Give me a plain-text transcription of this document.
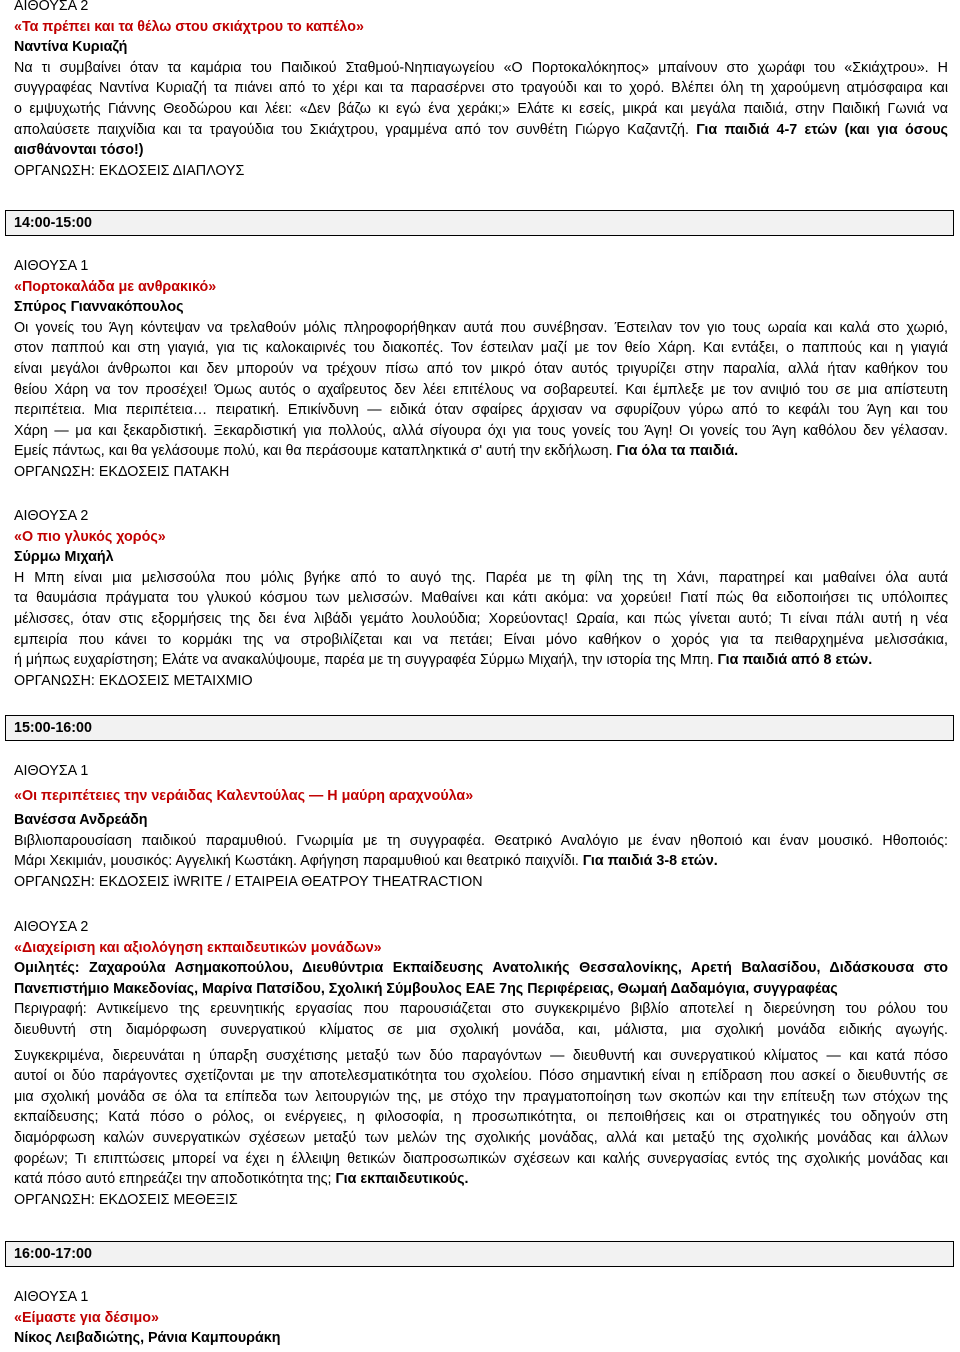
ΑΙΘΟΥΣΑ 2
«Τα πρέπει και τα θέλω στου σκιάχτρου το καπέλο»
Ναντίνα Κυριαζή
Να τι συμβαίνει όταν τα καμάρια του Παιδικού Σταθμού-Νηπιαγωγείου «Ο Πορτοκαλόκηπος» μπαίνουν στο χωράφι του «Σκιάχτρου». Η
συγγραφέας Ναντίνα Κυριαζή τα πιάνει από το χέρι και τα παρασέρνει στο τραγούδι και το χορό. Βλέπει όλη τη χαρούμενη ατμόσφαιρα και
ο εμψυχωτής Γιάννης Θεοδώρου και λέει: «Δεν βάζω κι εγώ ένα χεράκι;» Ελάτε κι εσείς, μικρά και μεγάλα παιδιά, στην Παιδική Γωνιά να
απολαύσετε παιχνίδια και τα τραγούδια του Σκιάχτρου, γραμμένα από τον συνθέτη Γιώργο Καζαντζή. Για παιδιά 4-7 ετών (και για όσους
αισθάνονται τόσο!)
ΟΡΓΑΝΩΣΗ: ΕΚΔΟΣΕΙΣ ΔΙΑΠΛΟΥΣ
14:00-15:00
ΑΙΘΟΥΣΑ 1
«Πορτοκαλάδα με ανθρακικό»
Σπύρος Γιαννακόπουλος
Οι γονείς του Άγη κόντεψαν να τρελαθούν μόλις πληροφορήθηκαν αυτά που συνέβησαν. Έστειλαν τον γιο τους ωραία και καλά στο χωριό,
στον παππού και στη γιαγιά, για τις καλοκαιρινές του διακοπές. Τον έστειλαν μαζί με τον θείο Χάρη. Και εντάξει, ο παππούς και η γιαγιά
είναι μεγάλοι άνθρωποι και δεν μπορούν να τρέχουν πίσω από τον μικρό όταν αυτός τριγυρίζει στην παραλία, αλλά ήταν καθήκον του
θείου Χάρη να τον προσέχει! Όμως αυτός ο αχαΐρευτος δεν λέει επιτέλους να σοβαρευτεί. Και έμπλεξε με τον ανιψιό του σε μια απίστευτη
περιπέτεια. Μια περιπέτεια… πειρατική. Επικίνδυνη — ειδικά όταν σφαίρες άρχισαν να σφυρίζουν γύρω από το κεφάλι του Άγη και του
Χάρη — μα και ξεκαρδιστική. Ξεκαρδιστική για πολλούς, αλλά σίγουρα όχι για τους γονείς του Άγη! Οι γονείς του Άγη καθόλου δεν γέλασαν.
Εμείς πάντως, και θα γελάσουμε πολύ, και θα περάσουμε καταπληκτικά σ' αυτή την εκδήλωση. Για όλα τα παιδιά.
ΟΡΓΑΝΩΣΗ: ΕΚΔΟΣΕΙΣ ΠΑΤΑΚΗ
ΑΙΘΟΥΣΑ 2
«Ο πιο γλυκός χορός»
Σύρμω Μιχαήλ
Η Μπη είναι μια μελισσούλα που μόλις βγήκε από το αυγό της. Παρέα με τη φίλη της τη Χάνι, παρατηρεί και μαθαίνει όλα αυτά
τα θαυμάσια πράγματα του γλυκού κόσμου των μελισσών. Μαθαίνει και κάτι ακόμα: να χορεύει! Γιατί πώς θα ειδοποιήσει τις υπόλοιπες
μέλισσες, όταν στις εξορμήσεις της δει ένα λιβάδι γεμάτο λουλούδια; Χορεύοντας! Ωραία, και πώς γίνεται αυτό; Τι είναι πάλι αυτή η νέα
εμπειρία που κάνει το κορμάκι της να στροβιλίζεται και να πετάει; Είναι μόνο καθήκον ο χορός για τα πειθαρχημένα μελισσάκια,
ή μήπως ευχαρίστηση; Ελάτε να ανακαλύψουμε, παρέα με τη συγγραφέα Σύρμω Μιχαήλ, την ιστορία της Μπη. Για παιδιά από 8 ετών.
ΟΡΓΑΝΩΣΗ: ΕΚΔΟΣΕΙΣ ΜΕΤΑΙΧΜΙΟ
15:00-16:00
ΑΙΘΟΥΣΑ 1
«Οι περιπέτειες την νεράιδας Καλεντούλας — Η μαύρη αραχνούλα»
Βανέσσα Ανδρεάδη
Βιβλιοπαρουσίαση παιδικού παραμυθιού. Γνωριμία με τη συγγραφέα. Θεατρικό Αναλόγιο με έναν ηθοποιό και έναν μουσικό. Ηθοποιός:
Μάρι Χεκιμιάν, μουσικός: Αγγελική Κωστάκη. Αφήγηση παραμυθιού και θεατρικό παιχνίδι. Για παιδιά 3-8 ετών.
ΟΡΓΑΝΩΣΗ: ΕΚΔΟΣΕΙΣ iWRITE / ΕΤΑΙΡΕΙΑ ΘΕΑΤΡΟΥ THEATRACTION
ΑΙΘΟΥΣΑ 2
«Διαχείριση και αξιολόγηση εκπαιδευτικών μονάδων»
Ομιλητές: Ζαχαρούλα Ασημακοπούλου, Διευθύντρια Εκπαίδευσης Ανατολικής Θεσσαλονίκης, Αρετή Βαλασίδου, Διδάσκουσα στο
Πανεπιστήμιο Μακεδονίας, Μαρίνα Πατσίδου, Σχολική Σύμβουλος ΕΑΕ 7ης Περιφέρειας, Θωμαή Δαδαμόγια, συγγραφέας
Περιγραφή: Αντικείμενο της ερευνητικής εργασίας που παρουσιάζεται στο συγκεκριμένο βιβλίο αποτελεί η διερεύνηση του ρόλου του
διευθυντή στη διαμόρφωση συνεργατικού κλίματος σε μια σχολική μονάδα, και, μάλιστα, μια σχολική μονάδα ειδικής αγωγής.
Συγκεκριμένα, διερευνάται η ύπαρξη συσχέτισης μεταξύ των δύο παραγόντων — διευθυντή και συνεργατικού κλίματος — και κατά πόσο
αυτοί οι δύο παράγοντες σχετίζονται με την αποτελεσματικότητα του σχολείου. Πόσο σημαντική είναι η επίδραση που ασκεί ο διευθυντής σε
μια σχολική μονάδα σε όλα τα επίπεδα των λειτουργιών της, με στόχο την πραγματοποίηση των σκοπών και την επίτευξη των στόχων της
εκπαίδευσης; Κατά πόσο ο ρόλος, οι ενέργειες, η φιλοσοφία, η προσωπικότητα, οι πεποιθήσεις και οι στρατηγικές του οδηγούν στη
διαμόρφωση καλών συνεργατικών σχέσεων μεταξύ των μελών της σχολικής μονάδας, αλλά και μεταξύ της σχολικής μονάδας και άλλων
φορέων; Τι επιπτώσεις μπορεί να έχει η έλλειψη θετικών διαπροσωπικών σχέσεων και καλής συνεργασίας εντός της σχολικής μονάδας και
κατά πόσο αυτό επηρεάζει την αποδοτικότητα της; Για εκπαιδευτικούς.
ΟΡΓΑΝΩΣΗ: ΕΚΔΟΣΕΙΣ ΜΕΘΕΞΙΣ
16:00-17:00
ΑΙΘΟΥΣΑ 1
«Είμαστε για δέσιμο»
Νίκος Λειβαδιώτης, Ράνια Καμπουράκη
